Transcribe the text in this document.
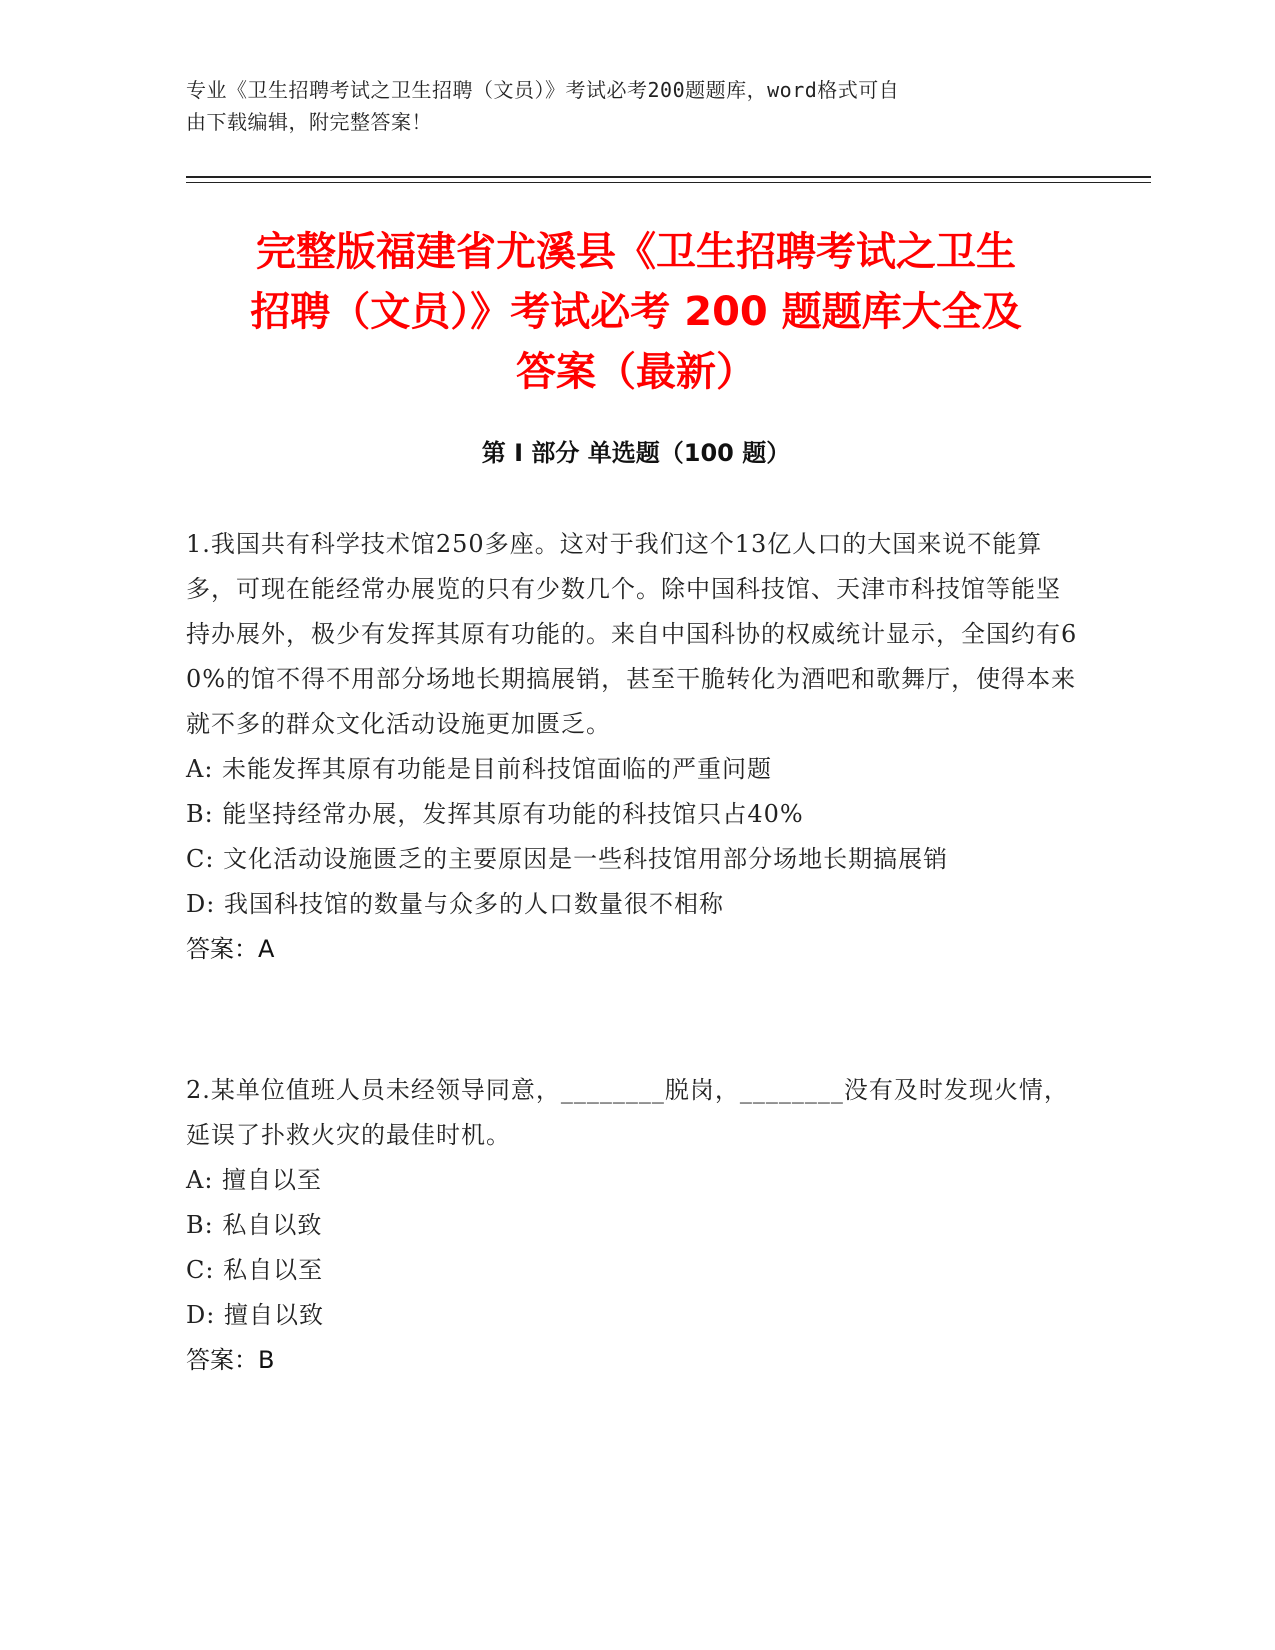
专业《卫生招聘考试之卫生招聘（文员）》考试必考200题题库，word格式可自
由下载编辑，附完整答案！
完整版福建省尤溪县《卫生招聘考试之卫生
招聘（文员）》考试必考 200 题题库大全及
答案（最新）
第 I 部分 单选题（100 题）

1.我国共有科学技术馆250多座。这对于我们这个13亿人口的大国来说不能算多，可现在能经常办展览的只有少数几个。除中国科技馆、天津市科技馆等能坚持办展外，极少有发挥其原有功能的。来自中国科协的权威统计显示，全国约有60%的馆不得不用部分场地长期搞展销，甚至干脆转化为酒吧和歌舞厅，使得本来就不多的群众文化活动设施更加匮乏。

A: 未能发挥其原有功能是目前科技馆面临的严重问题

B: 能坚持经常办展，发挥其原有功能的科技馆只占40%

C: 文化活动设施匮乏的主要原因是一些科技馆用部分场地长期搞展销

D: 我国科技馆的数量与众多的人口数量很不相称

答案：A

2.某单位值班人员未经领导同意，________脱岗，________没有及时发现火情，延误了扑救火灾的最佳时机。

A: 擅自以至

B: 私自以致

C: 私自以至

D: 擅自以致

答案：B
